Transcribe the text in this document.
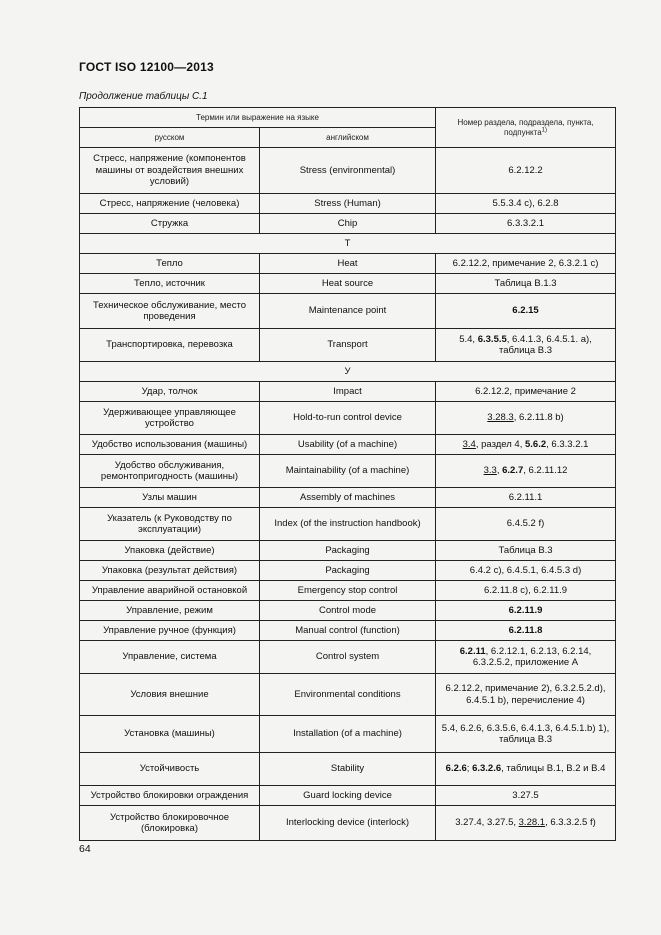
ГОСТ ISO 12100—2013
Продолжение таблицы С.1
Термин или выражение на языке		Номер раздела, подраздела, пункта, подпункта$^{1)}$
русском	английском	
Стресс, напряжение (компонентов машины от воздействия внешних условий)	Stress (environmental)	6.2.12.2
Стресс, напряжение (человека)	Stress (Human)	5.5.3.4 c), 6.2.8
Стружка	Chip	6.3.3.2.1
Т		
Тепло	Heat	6.2.12.2, примечание 2, 6.3.2.1 c)
Тепло, источник	Heat source	Таблица В.1.3
Техническое обслуживание, место проведения	Maintenance point	6.2.15
Транспортировка, перевозка	Transport	5.4, 6.3.5.5, 6.4.1.3, 6.4.5.1. a), таблица В.3
У		
Удар, толчок	Impact	6.2.12.2, примечание 2
Удерживающее управляющее устройство	Hold-to-run control device	3.28.3, 6.2.11.8 b)
Удобство использования (машины)	Usability (of a machine)	3.4, раздел 4, 5.6.2, 6.3.3.2.1
Удобство обслуживания, ремонтопригодность (машины)	Maintainability (of a machine)	3.3, 6.2.7, 6.2.11.12
Узлы машин	Assembly of machines	6.2.11.1
Указатель (к Руководству по эксплуатации)	Index (of the instruction handbook)	6.4.5.2 f)
Упаковка (действие)	Packaging	Таблица В.3
Упаковка (результат действия)	Packaging	6.4.2 c), 6.4.5.1, 6.4.5.3 d)
Управление аварийной остановкой	Emergency stop control	6.2.11.8 c), 6.2.11.9
Управление, режим	Control mode	6.2.11.9
Управление ручное (функция)	Manual control (function)	6.2.11.8
Управление, система	Control system	6.2.11, 6.2.12.1, 6.2.13, 6.2.14, 6.3.2.5.2, приложение А
Условия внешние	Environmental conditions	6.2.12.2, примечание 2), 6.3.2.5.2.d), 6.4.5.1 b), перечисление 4)
Установка (машины)	Installation (of a machine)	5.4, 6.2.6, 6.3.5.6, 6.4.1.3, 6.4.5.1.b) 1), таблица В.3
Устойчивость	Stability	6.2.6; 6.3.2.6, таблицы В.1, В.2 и В.4
Устройство блокировки ограждения	Guard locking device	3.27.5
Устройство блокировочное (блокировка)	Interlocking device (interlock)	3.27.4, 3.27.5, 3.28.1, 6.3.3.2.5 f)
64
